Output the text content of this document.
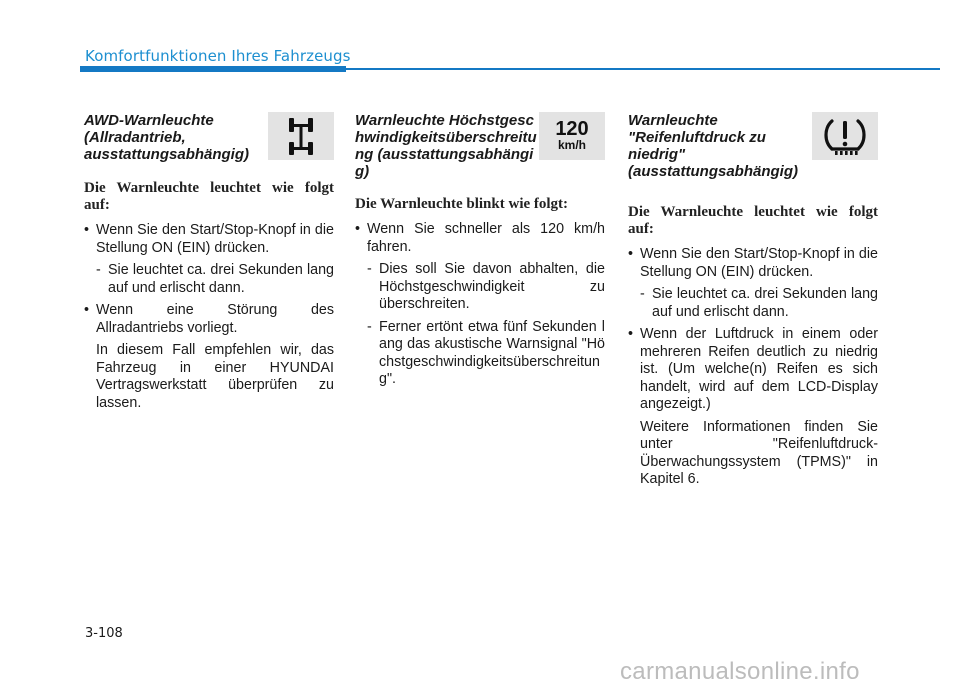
Komfortfunktionen Ihres Fahrzeugs

AWD-Warnleuchte (Allradantrieb, ausstattungsabhängig)

Die Warnleuchte leuchtet wie folgt auf:

• Wenn Sie den Start/Stop-Knopf in die Stellung ON (EIN) drücken.
- Sie leuchtet ca. drei Sekunden lang auf und erlischt dann.
• Wenn eine Störung des Allradantriebs vorliegt.
In diesem Fall empfehlen wir, das Fahrzeug in einer HYUNDAI Vertragswerkstatt überprüfen zu lassen.

Warnleuchte Höchstgeschwindigkeitsüberschreitung (ausstattungsabhängig)

120
km/h

Die Warnleuchte blinkt wie folgt:

• Wenn Sie schneller als 120 km/h fahren.
- Dies soll Sie davon abhalten, die Höchstgeschwindigkeit zu überschreiten.
- Ferner ertönt etwa fünf Sekunden lang das akustische Warnsignal "Höchstgeschwindigkeitsüberschreitung".

Warnleuchte "Reifenluftdruck zu niedrig" (ausstattungsabhängig)

Die Warnleuchte leuchtet wie folgt auf:

• Wenn Sie den Start/Stop-Knopf in die Stellung ON (EIN) drücken.
- Sie leuchtet ca. drei Sekunden lang auf und erlischt dann.
• Wenn der Luftdruck in einem oder mehreren Reifen deutlich zu niedrig ist. (Um welche(n) Reifen es sich handelt, wird auf dem LCD-Display angezeigt.)
Weitere Informationen finden Sie unter "Reifenluftdruck-Überwachungssystem (TPMS)" in Kapitel 6.
3-108
carmanualsonline.info
